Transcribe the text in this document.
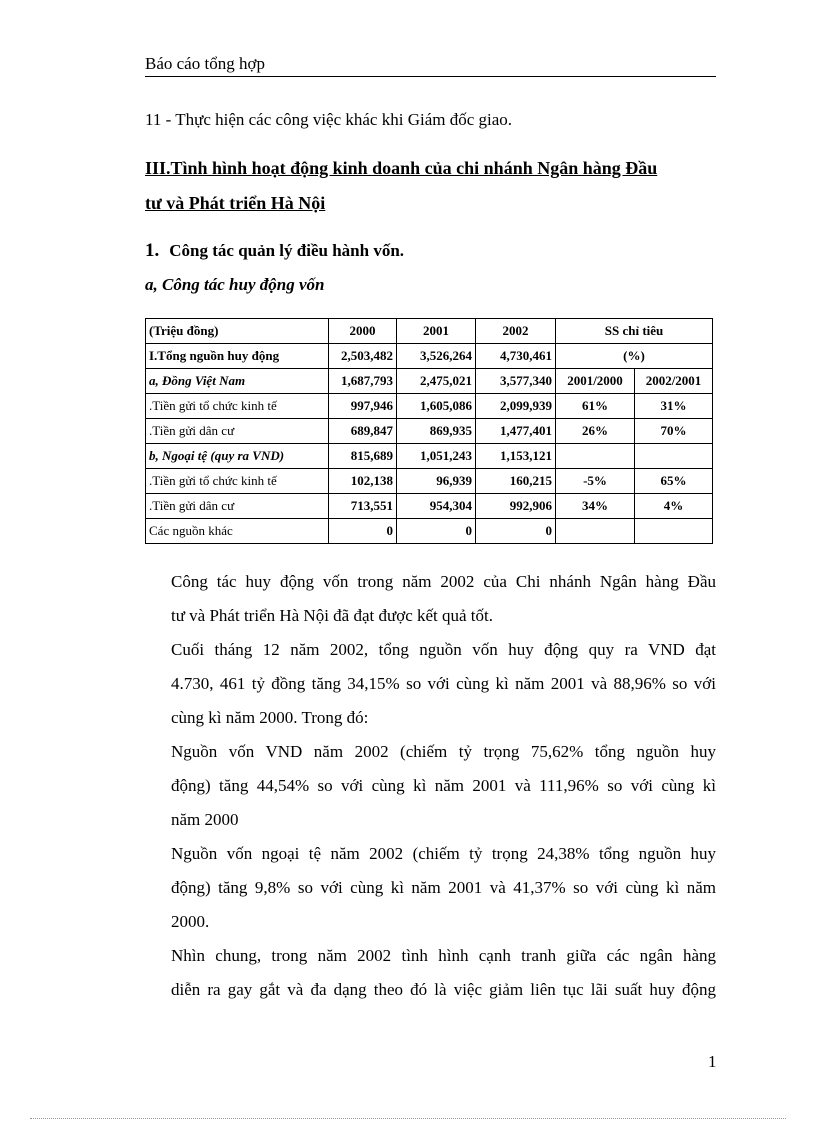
Báo cáo tổng hợp
11 - Thực hiện các công việc khác khi Giám đốc giao.
III.Tình hình hoạt động kinh doanh của chi nhánh Ngân hàng Đầu
tư và Phát triển Hà Nội
1. Công tác quản lý điều hành vốn.
a, Công tác huy động vốn
(Triệu đồng)	2000	2001	2002	SS chỉ tiêu	
I.Tổng nguồn huy động	2,503,482	3,526,264	4,730,461	(%)	
a, Đồng Việt Nam	1,687,793	2,475,021	3,577,340	2001/2000	2002/2001
.Tiền gửi tổ chức kinh tế	997,946	1,605,086	2,099,939	61%	31%
.Tiền gửi dân cư	689,847	869,935	1,477,401	26%	70%
b, Ngoại tệ (quy ra VND)	815,689	1,051,243	1,153,121		
.Tiền gửi tổ chức kinh tế	102,138	96,939	160,215	-5%	65%
.Tiền gửi dân cư	713,551	954,304	992,906	34%	4%
Các nguồn khác	0	0	0		

Công tác huy động vốn trong năm 2002 của Chi nhánh Ngân hàng Đầu
tư và Phát triển Hà Nội đã đạt được kết quả tốt.

Cuối tháng 12 năm 2002, tổng nguồn vốn huy động quy ra VND đạt
4.730, 461 tỷ đồng tăng 34,15% so với cùng kì năm 2001 và 88,96% so với
cùng kì năm 2000. Trong đó:

Nguồn vốn VND năm 2002 (chiếm tỷ trọng 75,62% tổng nguồn huy
động) tăng 44,54% so với cùng kì năm 2001 và 111,96% so với cùng kì
năm 2000

Nguồn vốn ngoại tệ năm 2002 (chiếm tỷ trọng 24,38% tổng nguồn huy
động) tăng 9,8% so với cùng kì năm 2001 và 41,37% so với cùng kì năm
2000.

Nhìn chung, trong năm 2002 tình hình cạnh tranh giữa các ngân hàng
diễn ra gay gắt và đa dạng theo đó là việc giảm liên tục lãi suất huy động

1
